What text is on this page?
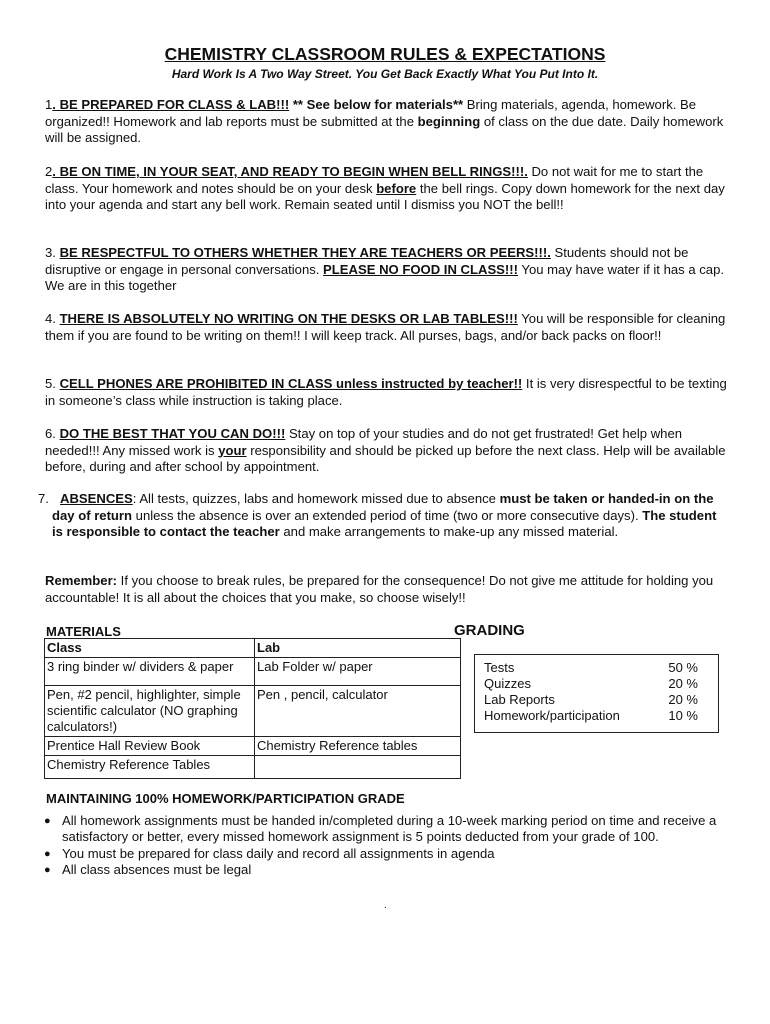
CHEMISTRY CLASSROOM RULES & EXPECTATIONS
Hard Work Is A Two Way Street. You Get Back Exactly What You Put Into It.
1. BE PREPARED FOR CLASS & LAB!!! ** See below for materials** Bring materials, agenda, homework. Be organized!! Homework and lab reports must be submitted at the beginning of class on the due date. Daily homework will be assigned.
2. BE ON TIME, IN YOUR SEAT, AND READY TO BEGIN WHEN BELL RINGS!!!. Do not wait for me to start the class. Your homework and notes should be on your desk before the bell rings. Copy down homework for the next day into your agenda and start any bell work. Remain seated until I dismiss you NOT the bell!!
3. BE RESPECTFUL TO OTHERS WHETHER THEY ARE TEACHERS OR PEERS!!!. Students should not be disruptive or engage in personal conversations. PLEASE NO FOOD IN CLASS!!! You may have water if it has a cap. We are in this together
4. THERE IS ABSOLUTELY NO WRITING ON THE DESKS OR LAB TABLES!!! You will be responsible for cleaning them if you are found to be writing on them!! I will keep track. All purses, bags, and/or back packs on floor!!
5. CELL PHONES ARE PROHIBITED IN CLASS unless instructed by teacher!! It is very disrespectful to be texting in someone’s class while instruction is taking place.
6. DO THE BEST THAT YOU CAN DO!!! Stay on top of your studies and do not get frustrated! Get help when needed!!! Any missed work is your responsibility and should be picked up before the next class. Help will be available before, during and after school by appointment.
7. ABSENCES: All tests, quizzes, labs and homework missed due to absence must be taken or handed-in on the day of return unless the absence is over an extended period of time (two or more consecutive days). The student is responsible to contact the teacher and make arrangements to make-up any missed material.
Remember: If you choose to break rules, be prepared for the consequence! Do not give me attitude for holding you accountable! It is all about the choices that you make, so choose wisely!!
MATERIALS	GRADING
Class	Lab
3 ring binder w/ dividers & paper	Lab Folder w/ paper
Pen, #2 pencil, highlighter, simple scientific calculator (NO graphing calculators!)	Pen , pencil, calculator
Prentice Hall Review Book	Chemistry Reference tables
Chemistry Reference Tables	
Tests	50 %
Quizzes	20 %
Lab Reports	20 %
Homework/participation	10 %
MAINTAINING 100% HOMEWORK/PARTICIPATION GRADE
● All homework assignments must be handed in/completed during a 10-week marking period on time and receive a satisfactory or better, every missed homework assignment is 5 points deducted from your grade of 100.
● You must be prepared for class daily and record all assignments in agenda
● All class absences must be legal
.
